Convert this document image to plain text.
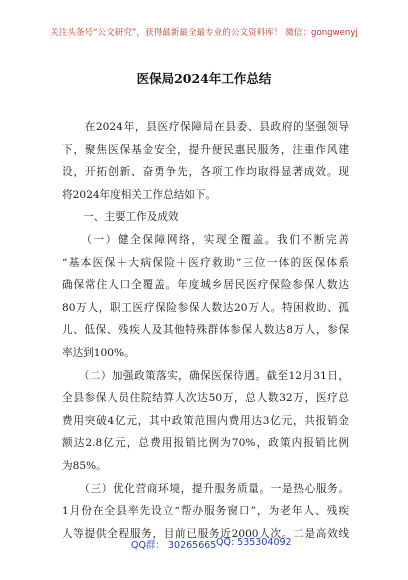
关注头条号“公文研究”，获得最新最全最专业的公文资料库！ 微信：gongwenyj
医保局2024年工作总结
　　在2024年，县医疗保障局在县委、县政府的坚强领导
下，聚焦医保基金安全，提升便民惠民服务，注重作风建
设，开拓创新、奋勇争先，各项工作均取得显著成效。现
将2024年度相关工作总结如下。
　　一、主要工作及成效
　　（一）健全保障网络，实现全覆盖。我们不断完善
“基本医保＋大病保险＋医疗救助”三位一体的医保体系
确保常住人口全覆盖。年度城乡居民医疗保险参保人数达
80万人，职工医疗保险参保人数达20万人。特困救助、孤
儿、低保、残疾人及其他特殊群体参保人数达8万人，参保
率达到100%。
　　（二）加强政策落实，确保医保待遇。截至12月31日，
全县参保人员住院结算人次达50万，总人数32万，医疗总
费用突破4亿元，其中政策范围内费用达3亿元，共报销金
额达2.8亿元，总费用报销比例为70%，政策内报销比例
为85%。
　　（三）优化营商环境，提升服务质量。一是热心服务。
1月份在全县率先设立“帮办服务窗口”，为老年人、残疾
人等提供全程服务，目前已服务近2000人次。二是高效线
QQ群： 30265665 QQ: 535304092
